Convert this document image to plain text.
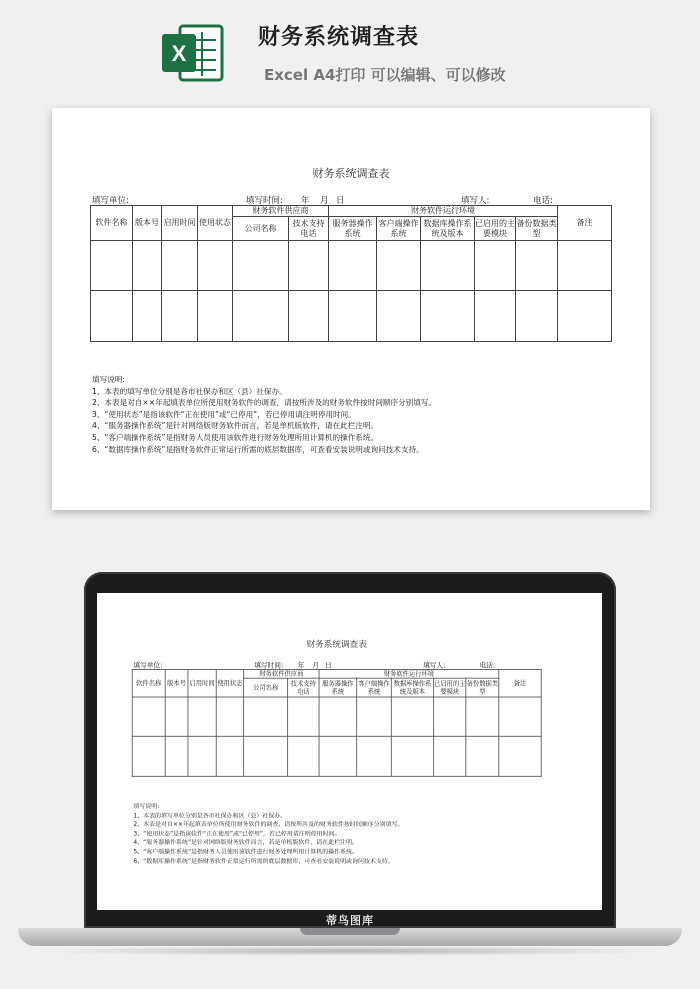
X
财务系统调查表
Excel A4打印 可以编辑、可以修改
财务系统调查表
填写单位:	填写时间: 年 月 日	填写人:	电话:
软件名称	版本号	启用时间	使用状态	财务软件供应商		财务软件运行环境					备注
				公司名称	技术支持电话	服务器操作系统	客户端操作系统	数据库操作系统及版本	已启用的主要模块	备份数据类型	

填写说明:
1、本表的填写单位分别是各市社保办和区（县）社保办。
2、本表是对自××年起填表单位所使用财务软件的调查，请按所涉及的财务软件按时间顺序分别填写。
3、“使用状态”是指该软件“正在使用”或“已停用”，若已停用请注明停用时间。
4、“服务器操作系统”是针对网络版财务软件而言，若是单机版软件，请在此栏注明。
5、“客户端操作系统”是指财务人员使用该软件进行财务处理所用计算机的操作系统。
6、“数据库操作系统”是指财务软件正常运行所需的底层数据库，可查看安装说明或询问技术支持。
财务系统调查表
填写单位:	填写时间: 年 月 日	填写人:	电话:
软件名称	版本号	启用时间	使用状态	财务软件供应商		财务软件运行环境					备注
				公司名称	技术支持电话	服务器操作系统	客户端操作系统	数据库操作系统及版本	已启用的主要模块	备份数据类型	

填写说明:
1、本表的填写单位分别是各市社保办和区（县）社保办。
2、本表是对自××年起填表单位所使用财务软件的调查，请按所涉及的财务软件按时间顺序分别填写。
3、“使用状态”是指该软件“正在使用”或“已停用”，若已停用请注明停用时间。
4、“服务器操作系统”是针对网络版财务软件而言，若是单机版软件，请在此栏注明。
5、“客户端操作系统”是指财务人员使用该软件进行财务处理所用计算机的操作系统。
6、“数据库操作系统”是指财务软件正常运行所需的底层数据库，可查看安装说明或询问技术支持。
蒂鸟图库
